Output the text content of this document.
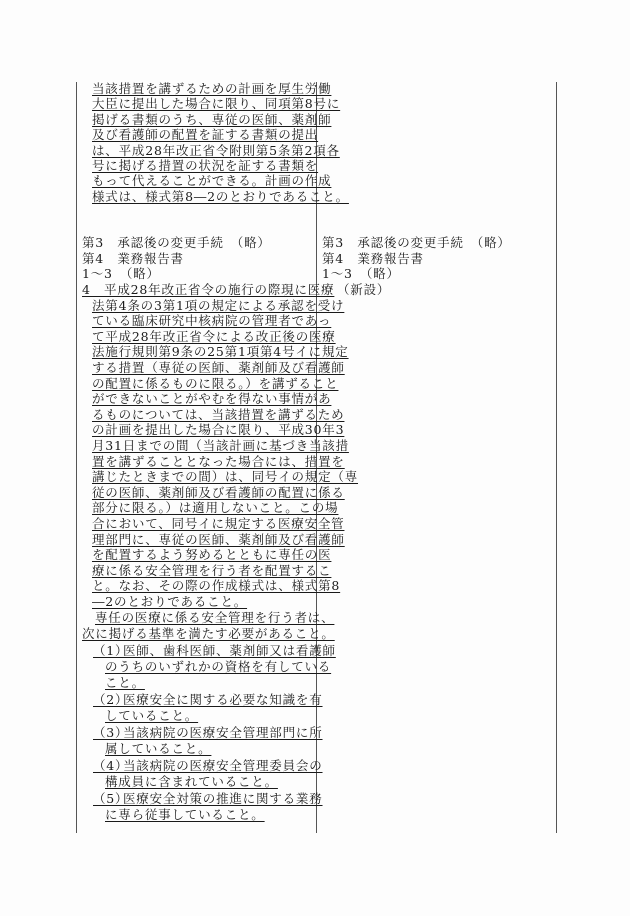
当該措置を講ずるための計画を厚生労働
大臣に提出した場合に限り、同項第8号に
掲げる書類のうち、専従の医師、薬剤師
及び看護師の配置を証する書類の提出
は、平成28年改正省令附則第5条第2項各
号に掲げる措置の状況を証する書類を
もって代えることができる。計画の作成
様式は、様式第8―2のとおりであること。
第3　承認後の変更手続　（略）
第4　業務報告書
1～3　（略）
4　平成28年改正省令の施行の際現に医療
法第4条の3第1項の規定による承認を受け
ている臨床研究中核病院の管理者であっ
て平成28年改正省令による改正後の医療
法施行規則第9条の25第1項第4号イに規定
する措置（専従の医師、薬剤師及び看護師
の配置に係るものに限る。）を講ずること
ができないことがやむを得ない事情があ
るものについては、当該措置を講ずるため
の計画を提出した場合に限り、平成30年3
月31日までの間（当該計画に基づき当該措
置を講ずることとなった場合には、措置を
講じたときまでの間）は、同号イの規定（専
従の医師、薬剤師及び看護師の配置に係る
部分に限る。）は適用しないこと。この場
合において、同号イに規定する医療安全管
理部門に、専従の医師、薬剤師及び看護師
を配置するよう努めるとともに専任の医
療に係る安全管理を行う者を配置するこ
と。なお、その際の作成様式は、様式第8
―2のとおりであること。
専任の医療に係る安全管理を行う者は、
次に掲げる基準を満たす必要があること。
（1）
医師、歯科医師、薬剤師又は看護師
のうちのいずれかの資格を有している
こと。
（2）
医療安全に関する必要な知識を有
していること。
（3）
当該病院の医療安全管理部門に所
属していること。
（4）
当該病院の医療安全管理委員会の
構成員に含まれていること。
（5）
医療安全対策の推進に関する業務
に専ら従事していること。
第3　承認後の変更手続　（略）
第4　業務報告書
1～3　（略）
（新設）
